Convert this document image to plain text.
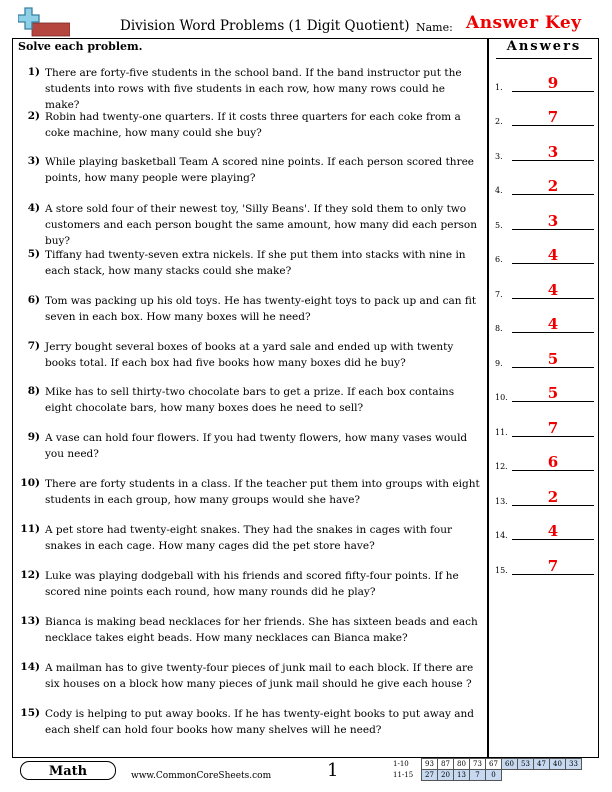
Division Word Problems (1 Digit Quotient) Name: Answer Key
Solve each problem.	Answers
1) There are forty-five students in the school band. If the band instructor put the students into rows with five students in each row, how many rows could he make?
2) Robin had twenty-one quarters. If it costs three quarters for each coke from a coke machine, how many could she buy?
3) While playing basketball Team A scored nine points. If each person scored three points, how many people were playing?
4) A store sold four of their newest toy, 'Silly Beans'. If they sold them to only two customers and each person bought the same amount, how many did each person buy?
5) Tiffany had twenty-seven extra nickels. If she put them into stacks with nine in each stack, how many stacks could she make?
6) Tom was packing up his old toys. He has twenty-eight toys to pack up and can fit seven in each box. How many boxes will he need?
7) Jerry bought several boxes of books at a yard sale and ended up with twenty books total. If each box had five books how many boxes did he buy?
8) Mike has to sell thirty-two chocolate bars to get a prize. If each box contains eight chocolate bars, how many boxes does he need to sell?
9) A vase can hold four flowers. If you had twenty flowers, how many vases would you need?
10) There are forty students in a class. If the teacher put them into groups with eight students in each group, how many groups would she have?
11) A pet store had twenty-eight snakes. They had the snakes in cages with four snakes in each cage. How many cages did the pet store have?
12) Luke was playing dodgeball with his friends and scored fifty-four points. If he scored nine points each round, how many rounds did he play?
13) Bianca is making bead necklaces for her friends. She has sixteen beads and each necklace takes eight beads. How many necklaces can Bianca make?
14) A mailman has to give twenty-four pieces of junk mail to each block. If there are six houses on a block how many pieces of junk mail should he give each house ?
15) Cody is helping to put away books. If he has twenty-eight books to put away and each shelf can hold four books how many shelves will he need?
1.	9
2.	7
3.	3
4.	2
5.	3
6.	4
7.	4
8.	4
9.	5
10.	5
11.	7
12.	6
13.	2
14.	4
15.	7
Math	www.CommonCoreSheets.com	1	1-10	93	87	80	73	67	60	53	47	40	33
11-15	27	20	13	7	0					
